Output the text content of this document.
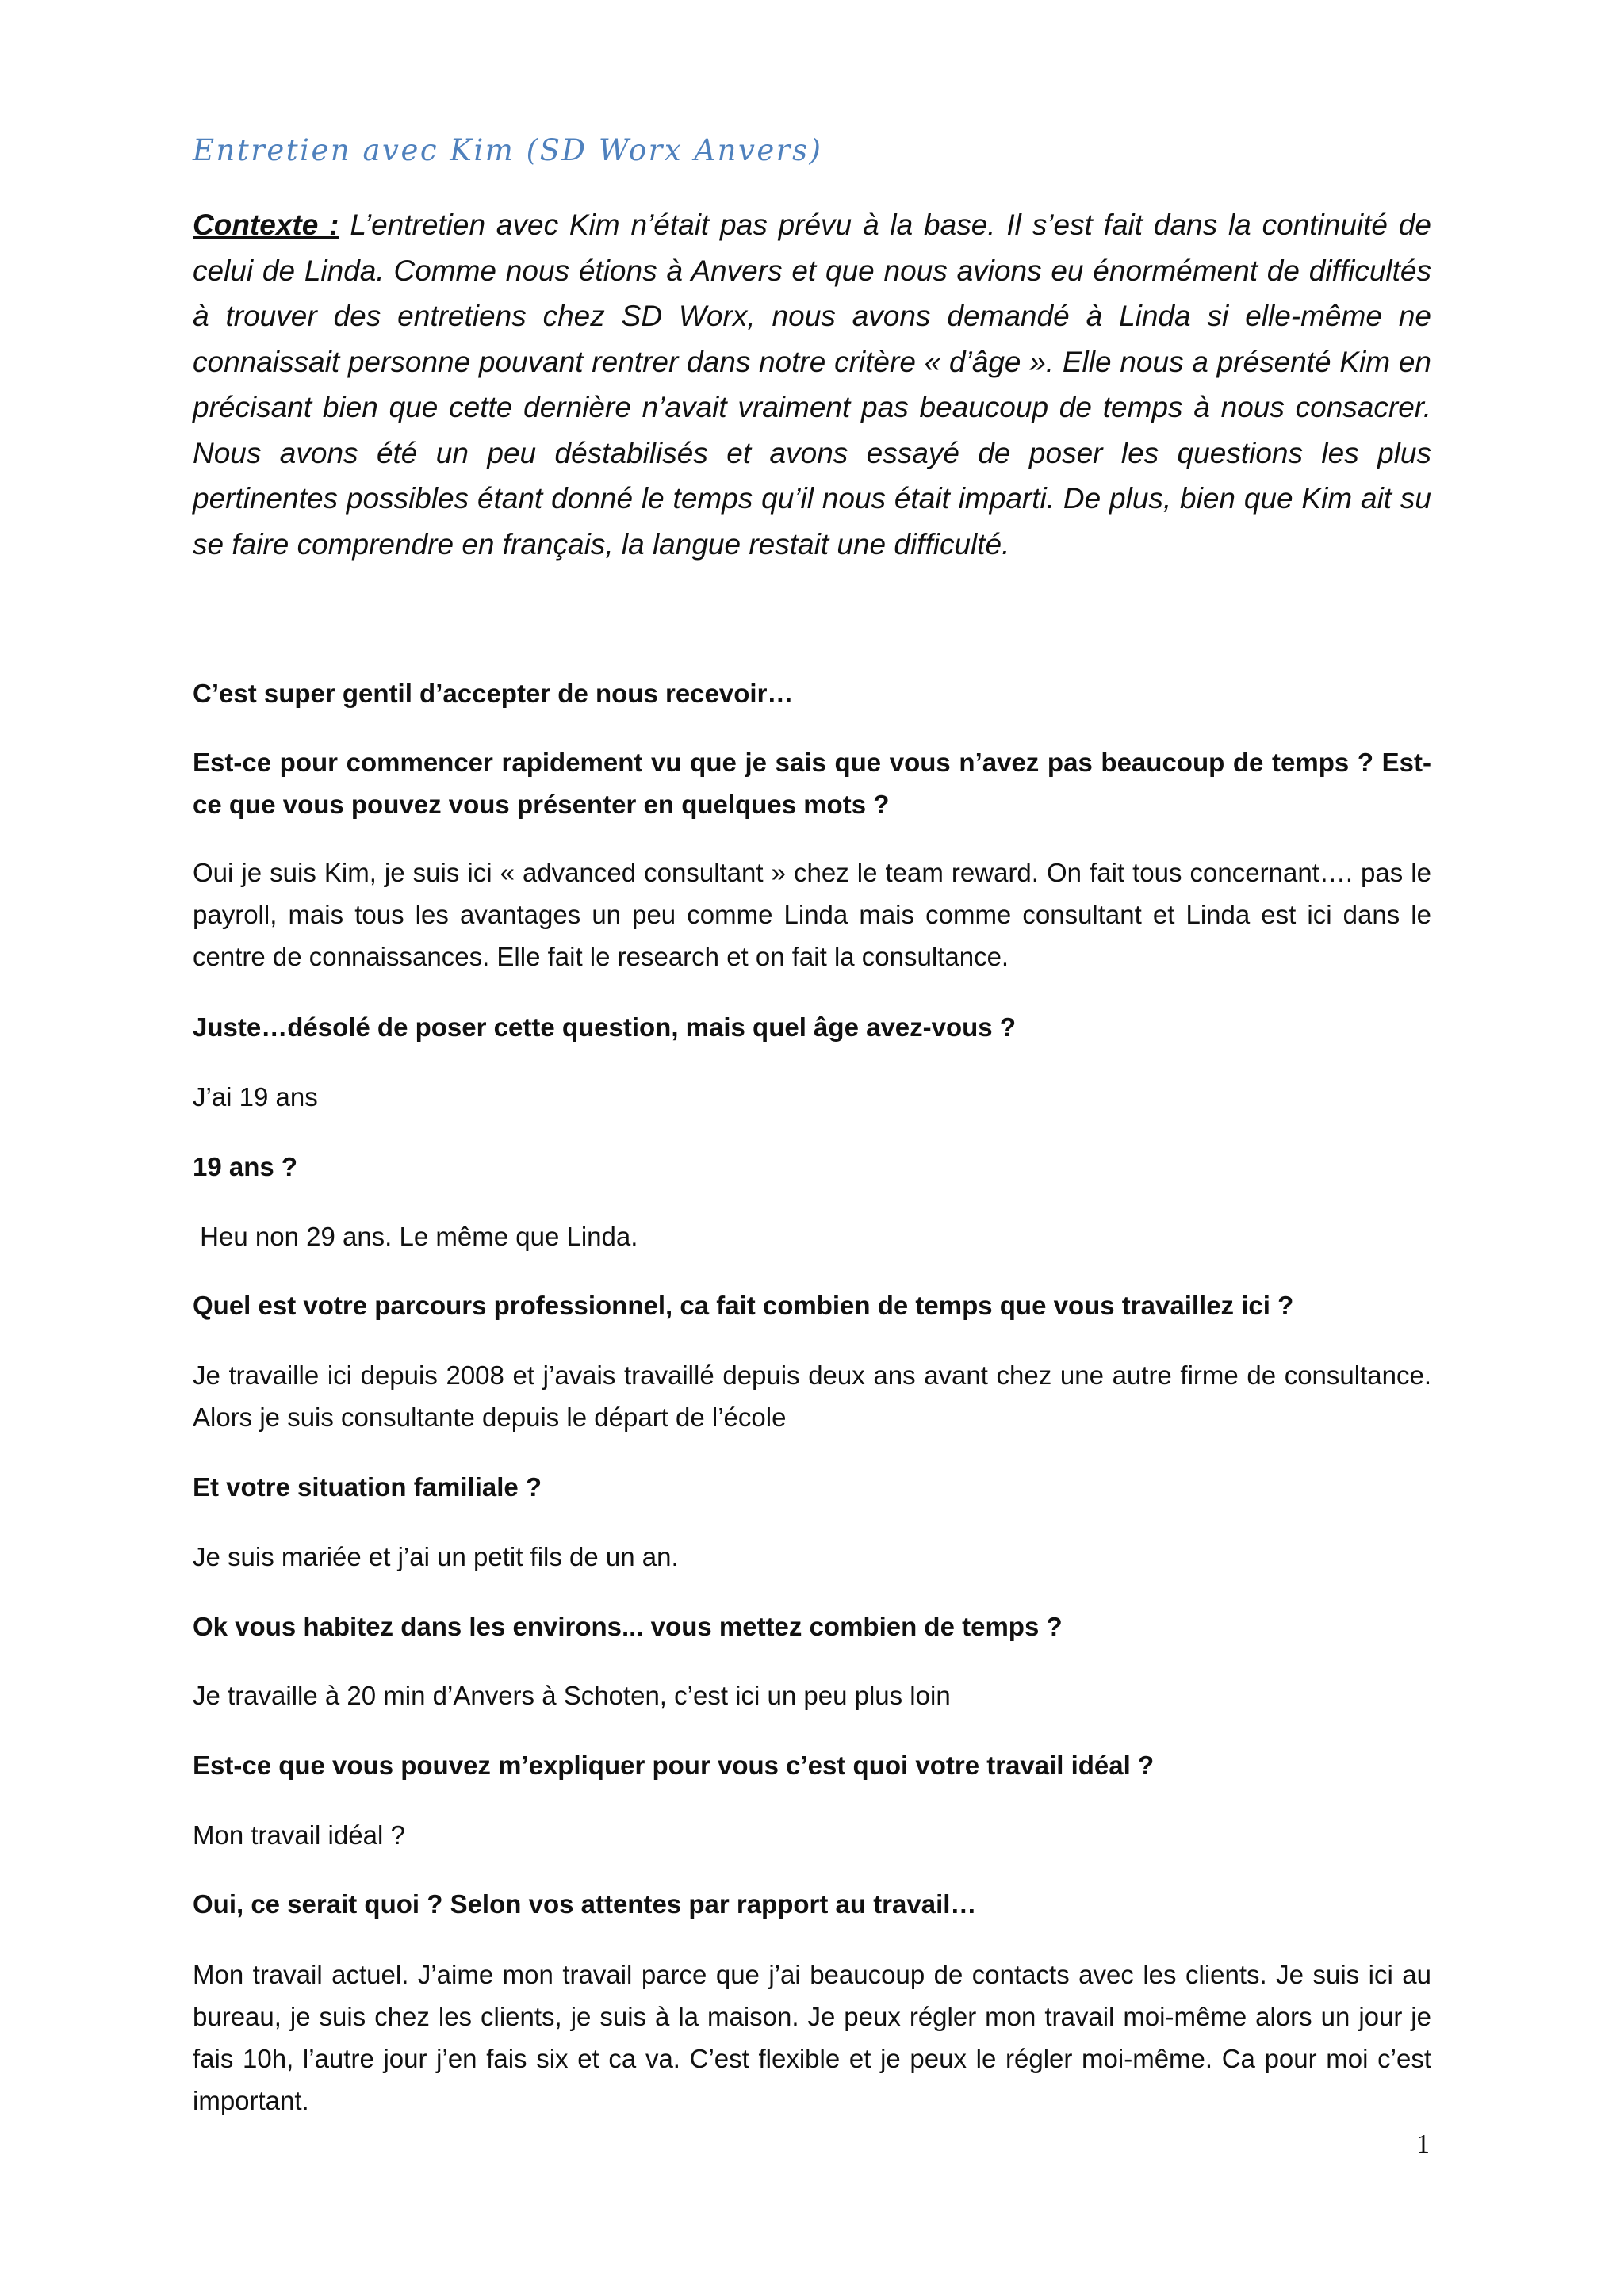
Entretien avec Kim (SD Worx Anvers)

Contexte : L’entretien avec Kim n’était pas prévu à la base. Il s’est fait dans la continuité de celui de Linda. Comme nous étions à Anvers et que nous avions eu énormément de difficultés à trouver des entretiens chez SD Worx, nous avons demandé à Linda si elle-même ne connaissait personne pouvant rentrer dans notre critère « d’âge ». Elle nous a présenté Kim en précisant bien que cette dernière n’avait vraiment pas beaucoup de temps à nous consacrer. Nous avons été un peu déstabilisés et avons essayé de poser les questions les plus pertinentes possibles étant donné le temps qu’il nous était imparti. De plus, bien que Kim ait su se faire comprendre en français, la langue restait une difficulté.

C’est super gentil d’accepter de nous recevoir…

Est-ce pour commencer rapidement vu que je sais que vous n’avez pas beaucoup de temps ? Est-ce que vous pouvez vous présenter en quelques mots ?

Oui je suis Kim, je suis ici « advanced consultant » chez le team reward. On fait tous concernant…. pas le payroll, mais tous les avantages un peu comme Linda mais comme consultant et Linda est ici dans le centre de connaissances. Elle fait le research et on fait la consultance.

Juste…désolé de poser cette question, mais quel âge avez-vous ?

J’ai 19 ans

19 ans ?

Heu non 29 ans. Le même que Linda.

Quel est votre parcours professionnel, ca fait combien de temps que vous travaillez ici ?

Je travaille ici depuis 2008 et j’avais travaillé depuis deux ans avant chez une autre firme de consultance. Alors je suis consultante depuis le départ de l’école

Et votre situation familiale ?

Je suis mariée et j’ai un petit fils de un an.

Ok vous habitez dans les environs... vous mettez combien de temps ?

Je travaille à 20 min d’Anvers à Schoten, c’est ici un peu plus loin

Est-ce que vous pouvez m’expliquer pour vous c’est quoi votre travail idéal ?

Mon travail idéal ?

Oui, ce serait quoi ? Selon vos attentes par rapport au travail…

Mon travail actuel. J’aime mon travail parce que j’ai beaucoup de contacts avec les clients. Je suis ici au bureau, je suis chez les clients, je suis à la maison. Je peux régler mon travail moi-même alors un jour je fais 10h, l’autre jour j’en fais six et ca va. C’est flexible et je peux le régler moi-même. Ca pour moi c’est important.

1
